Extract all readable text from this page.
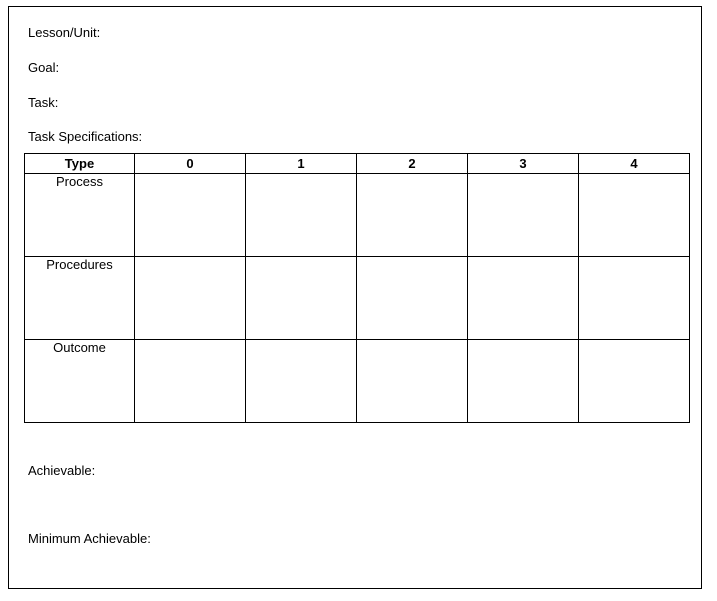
Lesson/Unit:
Goal:
Task:
Task Specifications:
Type	0	1	2	3	4
Process					
Procedures					
Outcome					
Achievable:
Minimum Achievable:
